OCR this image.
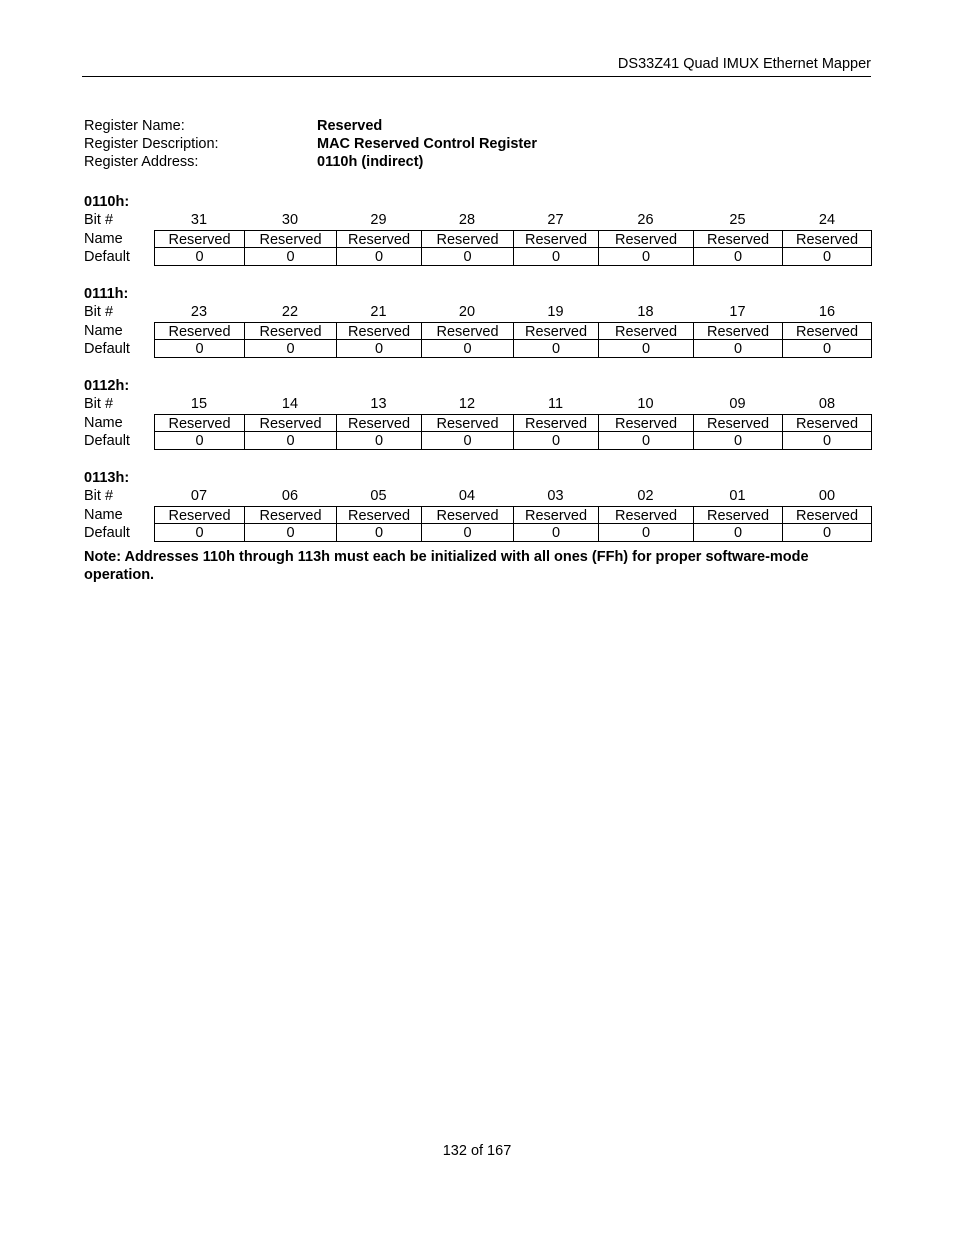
DS33Z41 Quad IMUX Ethernet Mapper
Register Name:	Reserved
Register Description:	MAC Reserved Control Register
Register Address:	0110h (indirect)
0110h:
Bit #	31	30	29	28	27	26	25	24
Name	Reserved	Reserved	Reserved	Reserved	Reserved	Reserved	Reserved	Reserved
Default	0	0	0	0	0	0	0	0
0111h:
Bit #	23	22	21	20	19	18	17	16
Name	Reserved	Reserved	Reserved	Reserved	Reserved	Reserved	Reserved	Reserved
Default	0	0	0	0	0	0	0	0
0112h:
Bit #	15	14	13	12	11	10	09	08
Name	Reserved	Reserved	Reserved	Reserved	Reserved	Reserved	Reserved	Reserved
Default	0	0	0	0	0	0	0	0
0113h:
Bit #	07	06	05	04	03	02	01	00
Name	Reserved	Reserved	Reserved	Reserved	Reserved	Reserved	Reserved	Reserved
Default	0	0	0	0	0	0	0	0
Note: Addresses 110h through 113h must each be initialized with all ones (FFh) for proper software-mode operation.
132 of 167
